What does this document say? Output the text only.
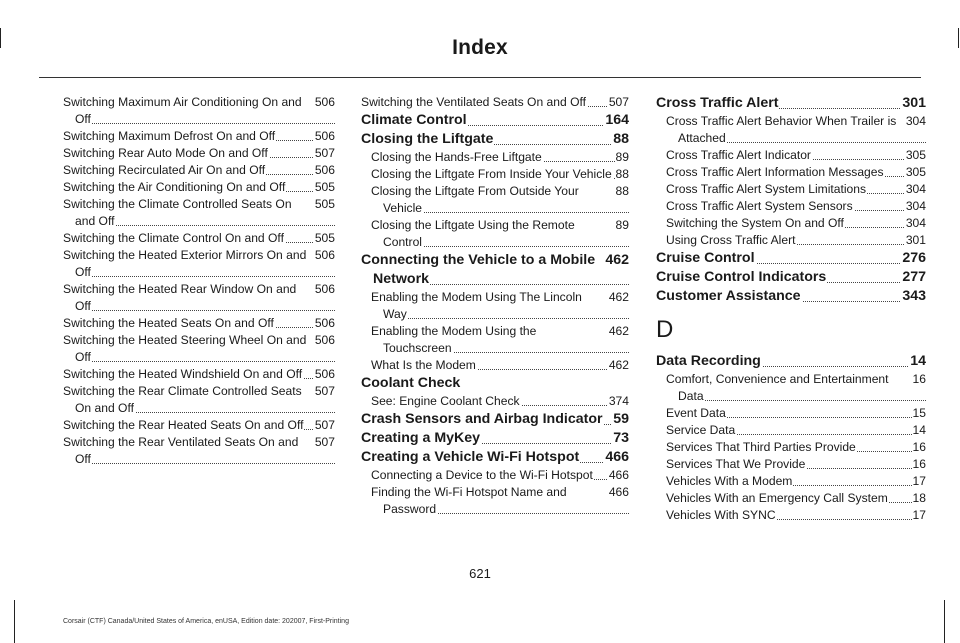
Index
506
Switching Maximum Air Conditioning On and Off
506
Switching Maximum Defrost On and Off
507
Switching Rear Auto Mode On and Off
506
Switching Recirculated Air On and Off
505
Switching the Air Conditioning On and Off
505
Switching the Climate Controlled Seats On and Off
505
Switching the Climate Control On and Off
506
Switching the Heated Exterior Mirrors On and Off
506
Switching the Heated Rear Window On and Off
506
Switching the Heated Seats On and Off
506
Switching the Heated Steering Wheel On and Off
506
Switching the Heated Windshield On and Off
507
Switching the Rear Climate Controlled Seats On and Off
507
Switching the Rear Heated Seats On and Off
507
Switching the Rear Ventilated Seats On and Off
507
Switching the Ventilated Seats On and Off
164
Climate Control
88
Closing the Liftgate
89
Closing the Hands-Free Liftgate
88
Closing the Liftgate From Inside Your Vehicle
88
Closing the Liftgate From Outside Your Vehicle
89
Closing the Liftgate Using the Remote Control
462
Connecting the Vehicle to a Mobile Network
462
Enabling the Modem Using The Lincoln Way
462
Enabling the Modem Using the Touchscreen
462
What Is the Modem
Coolant Check
374
See: Engine Coolant Check
59
Crash Sensors and Airbag Indicator
73
Creating a MyKey
466
Creating a Vehicle Wi-Fi Hotspot
466
Connecting a Device to the Wi-Fi Hotspot
466
Finding the Wi-Fi Hotspot Name and Password
301
Cross Traffic Alert
304
Cross Traffic Alert Behavior When Trailer is Attached
305
Cross Traffic Alert Indicator
305
Cross Traffic Alert Information Messages
304
Cross Traffic Alert System Limitations
304
Cross Traffic Alert System Sensors
304
Switching the System On and Off
301
Using Cross Traffic Alert
276
Cruise Control
277
Cruise Control Indicators
343
Customer Assistance
D
14
Data Recording
16
Comfort, Convenience and Entertainment Data
15
Event Data
14
Service Data
16
Services That Third Parties Provide
16
Services That We Provide
17
Vehicles With a Modem
18
Vehicles With an Emergency Call System
17
Vehicles With SYNC
621
Corsair (CTF) Canada/United States of America, enUSA, Edition date: 202007, First-Printing
